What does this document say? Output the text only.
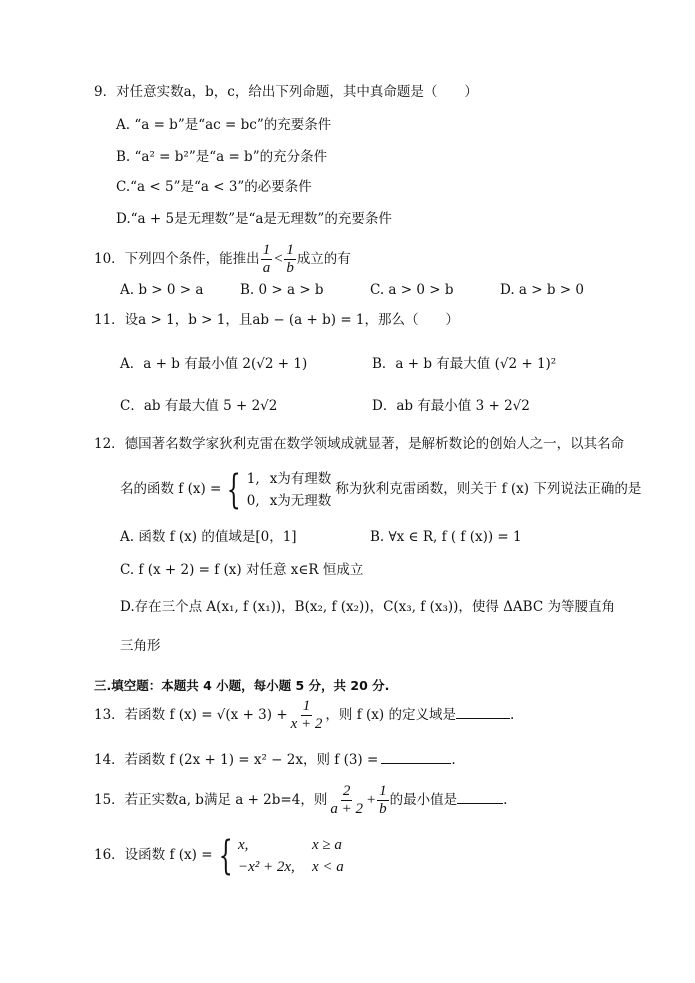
9．对任意实数a，b，c，给出下列命题，其中真命题是（　　）
A. “a = b”是“ac = bc”的充要条件
B. “a² = b²”是“a = b”的充分条件
C.“a < 5”是“a < 3”的必要条件
D.“a + 5是无理数”是“a是无理数”的充要条件
10．下列四个条件，能推出 $\frac{1}{a} < \frac{1}{b}$ 成立的有
A. b > 0 > a	B. 0 > a > b	C. a > 0 > b	D. a > b > 0
11．设a > 1，b > 1，且ab − (a + b) = 1，那么（　　）
A．a + b 有最小值 2(√2 + 1)	B．a + b 有最大值 (√2 + 1)²
C．ab 有最大值 5 + 2√2	D．ab 有最小值 3 + 2√2
12．德国著名数学家狄利克雷在数学领域成就显著，是解析数论的创始人之一，以其名命
名的函数 f (x) = { 1, x为有理数
0, x为无理数
称为狄利克雷函数，则关于 f (x) 下列说法正确的是
A. 函数 f (x) 的值域是[0，1]	B. ∀x ∈ R, f ( f (x)) = 1
C. f (x + 2) = f (x) 对任意 x∈R 恒成立
D.存在三个点 A(x₁, f (x₁))，B(x₂, f (x₂))，C(x₃, f (x₃))，使得 ΔABC 为等腰直角
三角形
三.填空题：本题共 4 小题，每小题 5 分，共 20 分.
13．若函数 f $(x) = √(x + 3) + \frac{1}{x + 2}$ ，则 f (x) 的定义域是	.
14．若函数 f (2x + 1) = x² − 2x，则 f (3) =	.
15．若正实数a, b满足 a + 2b=4，则 $\frac{2}{a + 2} + \frac{1}{b}$ 的最小值是	.
16．设函数 f (x) = { x,	x ≥ a
−x² + 2x,	x < a
